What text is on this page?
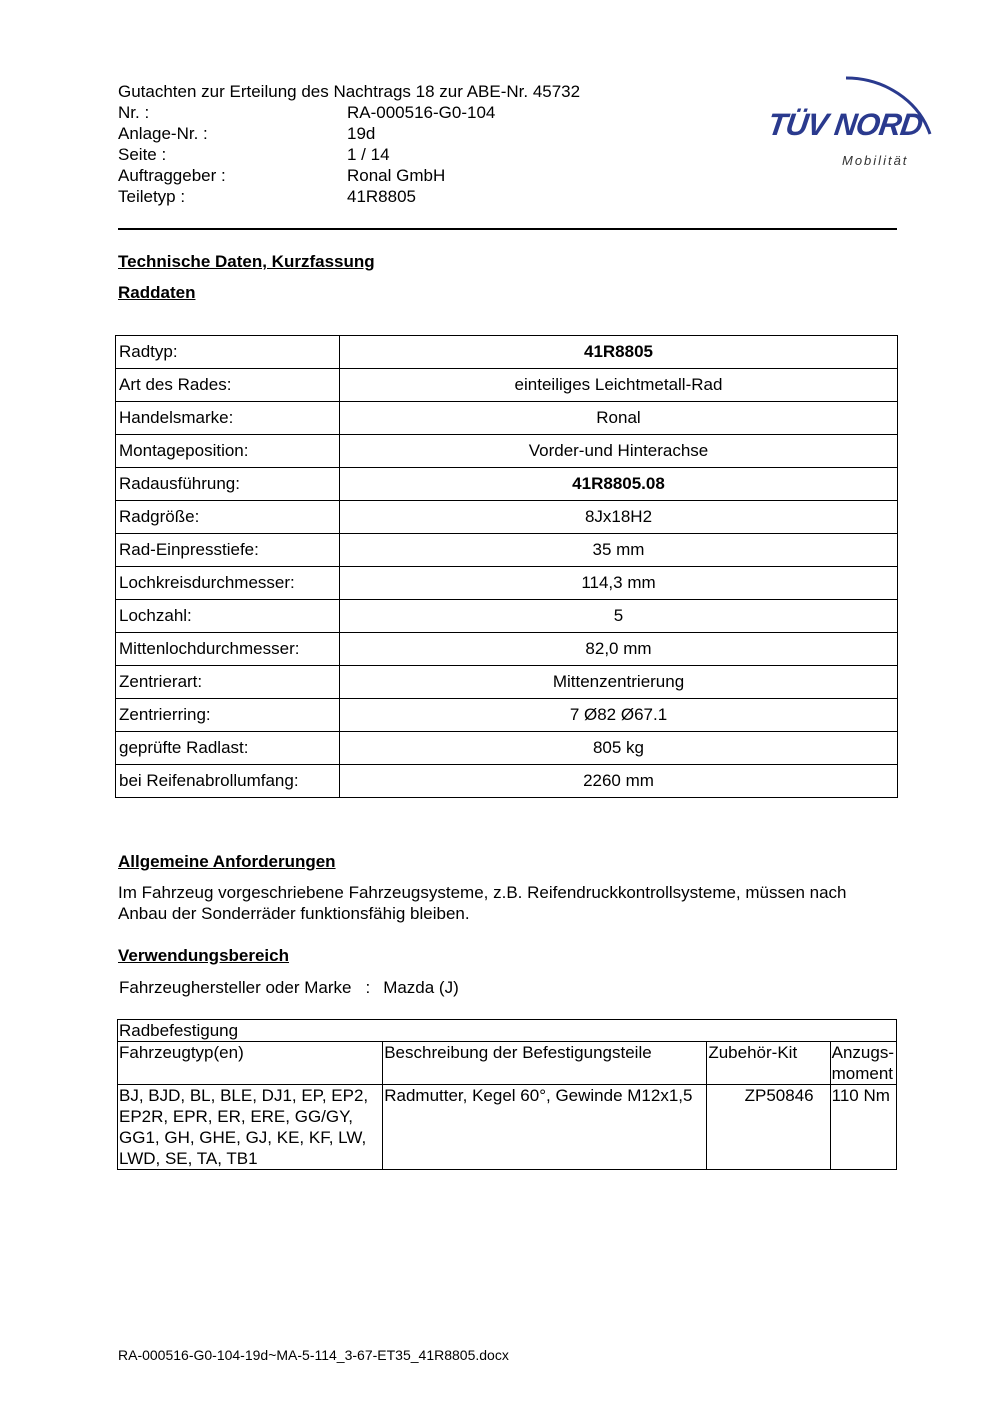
Gutachten zur Erteilung des Nachtrags 18 zur ABE-Nr. 45732
Nr. :	RA-000516-G0-104
Anlage-Nr. :	19d
Seite :	1 / 14
Auftraggeber :	Ronal GmbH
Teiletyp :	41R8805
TÜV NORD
Mobilität
Technische Daten, Kurzfassung
Raddaten
Radtyp:	41R8805
Art des Rades:	einteiliges Leichtmetall-Rad
Handelsmarke:	Ronal
Montageposition:	Vorder-und Hinterachse
Radausführung:	41R8805.08
Radgröße:	8Jx18H2
Rad-Einpresstiefe:	35 mm
Lochkreisdurchmesser:	114,3 mm
Lochzahl:	5
Mittenlochdurchmesser:	82,0 mm
Zentrierart:	Mittenzentrierung
Zentrierring:	7 Ø82 Ø67.1
geprüfte Radlast:	805 kg
bei Reifenabrollumfang:	2260 mm
Allgemeine Anforderungen
Im Fahrzeug vorgeschriebene Fahrzeugsysteme, z.B. Reifendruckkontrollsysteme, müssen nach Anbau der Sonderräder funktionsfähig bleiben.
Verwendungsbereich
Fahrzeughersteller oder Marke : Mazda (J)
Radbefestigung			
Fahrzeugtyp(en)	Beschreibung der Befestigungsteile	Zubehör-Kit	Anzugs-moment
BJ, BJD, BL, BLE, DJ1, EP, EP2, EP2R, EPR, ER, ERE, GG/GY, GG1, GH, GHE, GJ, KE, KF, LW, LWD, SE, TA, TB1	Radmutter, Kegel 60°, Gewinde M12x1,5	ZP50846	110 Nm
RA-000516-G0-104-19d~MA-5-114_3-67-ET35_41R8805.docx
